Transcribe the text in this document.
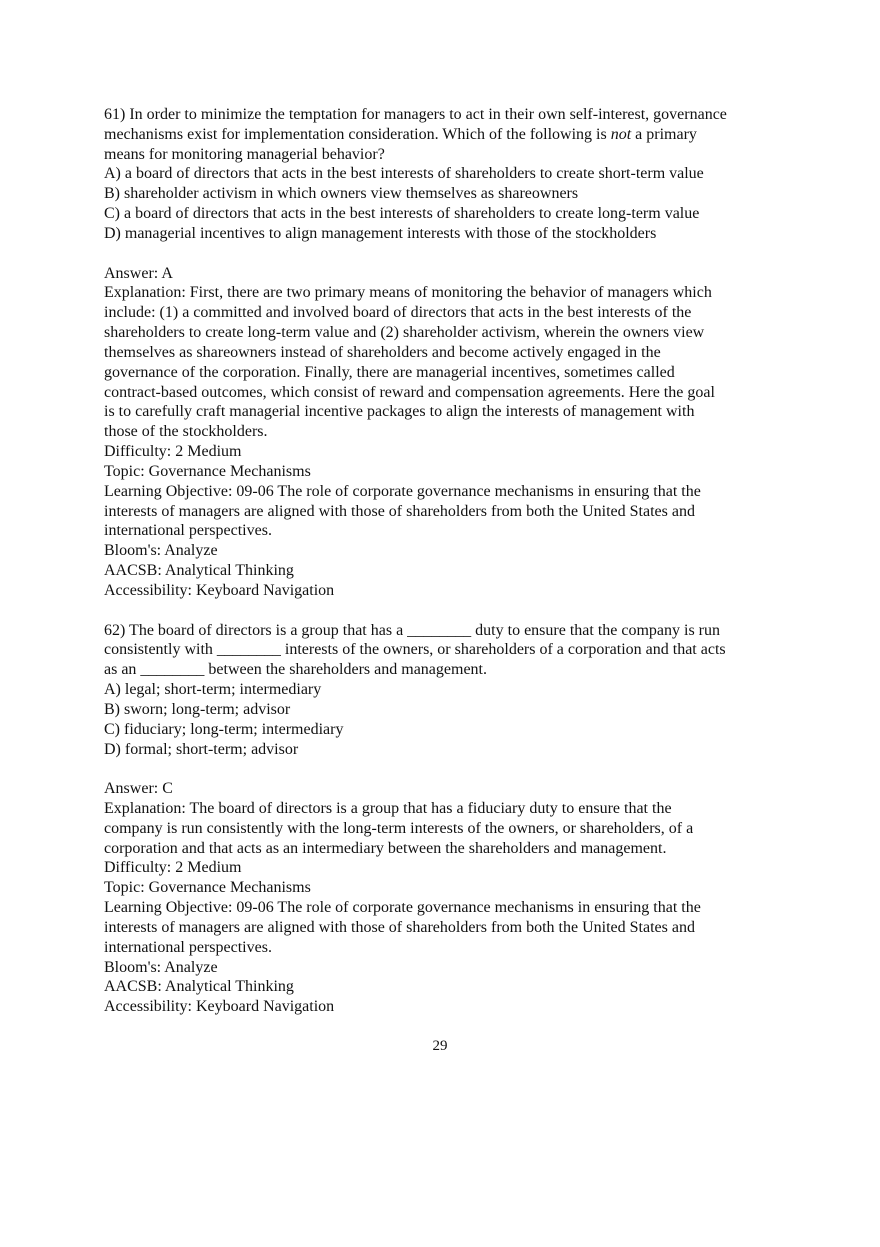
61) In order to minimize the temptation for managers to act in their own self-interest, governance
mechanisms exist for implementation consideration. Which of the following is not a primary
means for monitoring managerial behavior?
A) a board of directors that acts in the best interests of shareholders to create short-term value
B) shareholder activism in which owners view themselves as shareowners
C) a board of directors that acts in the best interests of shareholders to create long-term value
D) managerial incentives to align management interests with those of the stockholders
Answer: A
Explanation: First, there are two primary means of monitoring the behavior of managers which
include: (1) a committed and involved board of directors that acts in the best interests of the
shareholders to create long-term value and (2) shareholder activism, wherein the owners view
themselves as shareowners instead of shareholders and become actively engaged in the
governance of the corporation. Finally, there are managerial incentives, sometimes called
contract-based outcomes, which consist of reward and compensation agreements. Here the goal
is to carefully craft managerial incentive packages to align the interests of management with
those of the stockholders.
Difficulty: 2 Medium
Topic: Governance Mechanisms
Learning Objective: 09-06 The role of corporate governance mechanisms in ensuring that the
interests of managers are aligned with those of shareholders from both the United States and
international perspectives.
Bloom's: Analyze
AACSB: Analytical Thinking
Accessibility: Keyboard Navigation
62) The board of directors is a group that has a ________ duty to ensure that the company is run
consistently with ________ interests of the owners, or shareholders of a corporation and that acts
as an ________ between the shareholders and management.
A) legal; short-term; intermediary
B) sworn; long-term; advisor
C) fiduciary; long-term; intermediary
D) formal; short-term; advisor
Answer: C
Explanation: The board of directors is a group that has a fiduciary duty to ensure that the
company is run consistently with the long-term interests of the owners, or shareholders, of a
corporation and that acts as an intermediary between the shareholders and management.
Difficulty: 2 Medium
Topic: Governance Mechanisms
Learning Objective: 09-06 The role of corporate governance mechanisms in ensuring that the
interests of managers are aligned with those of shareholders from both the United States and
international perspectives.
Bloom's: Analyze
AACSB: Analytical Thinking
Accessibility: Keyboard Navigation
29
